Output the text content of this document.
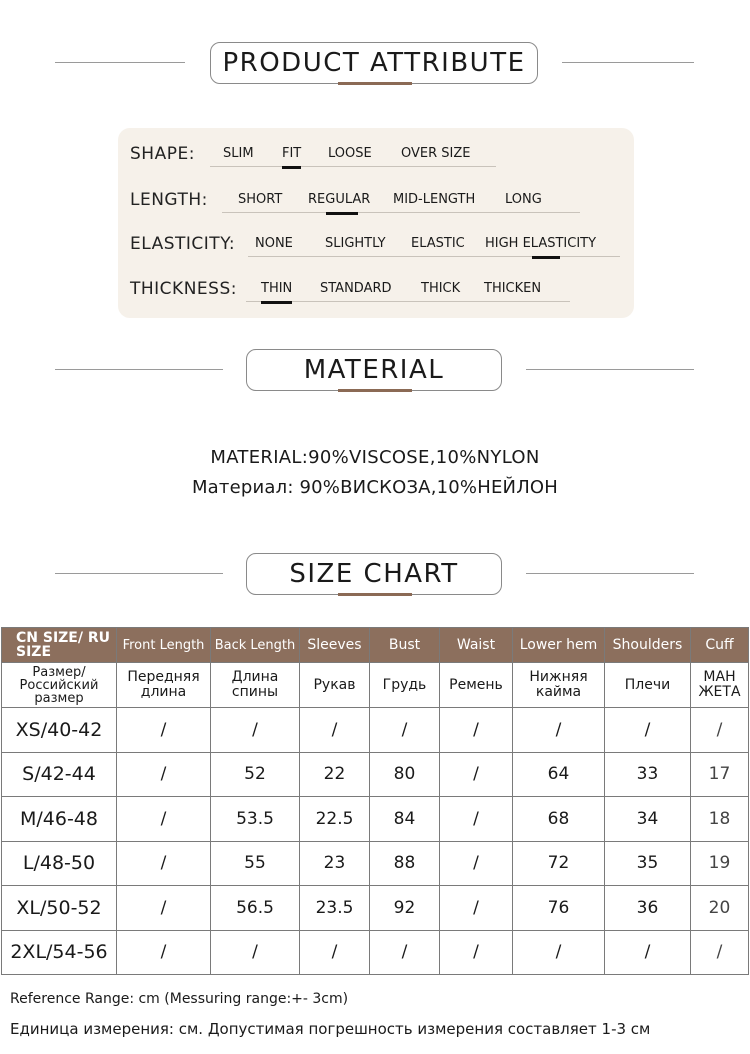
PRODUCT ATTRIBUTE
SHAPE: SLIM FIT LOOSE OVER SIZE
LENGTH: SHORT REGULAR MID-LENGTH LONG
ELASTICITY: NONE SLIGHTLY ELASTIC HIGH ELASTICITY
THICKNESS: THIN STANDARD THICK THICKEN
MATERIAL
MATERIAL:90%VISCOSE,10%NYLON
Материал: 90%ВИСКОЗА,10%НЕЙЛОН
SIZE CHART
CN SIZE/ RU SIZE	Front Length	Back Length	Sleeves	Bust	Waist	Lower hem	Shoulders	Cuff
Размер/ Российский размер	Передняя длина	Длина спины	Рукав	Грудь	Ремень	Нижняя кайма	Плечи	МАН ЖЕТА
XS/40-42	/	/	/	/	/	/	/	/
S/42-44	/	52	22	80	/	64	33	17
M/46-48	/	53.5	22.5	84	/	68	34	18
L/48-50	/	55	23	88	/	72	35	19
XL/50-52	/	56.5	23.5	92	/	76	36	20
2XL/54-56	/	/	/	/	/	/	/	/
Reference Range: cm (Messuring range:+- 3cm)
Единица измерения: см. Допустимая погрешность измерения составляет 1-3 см
